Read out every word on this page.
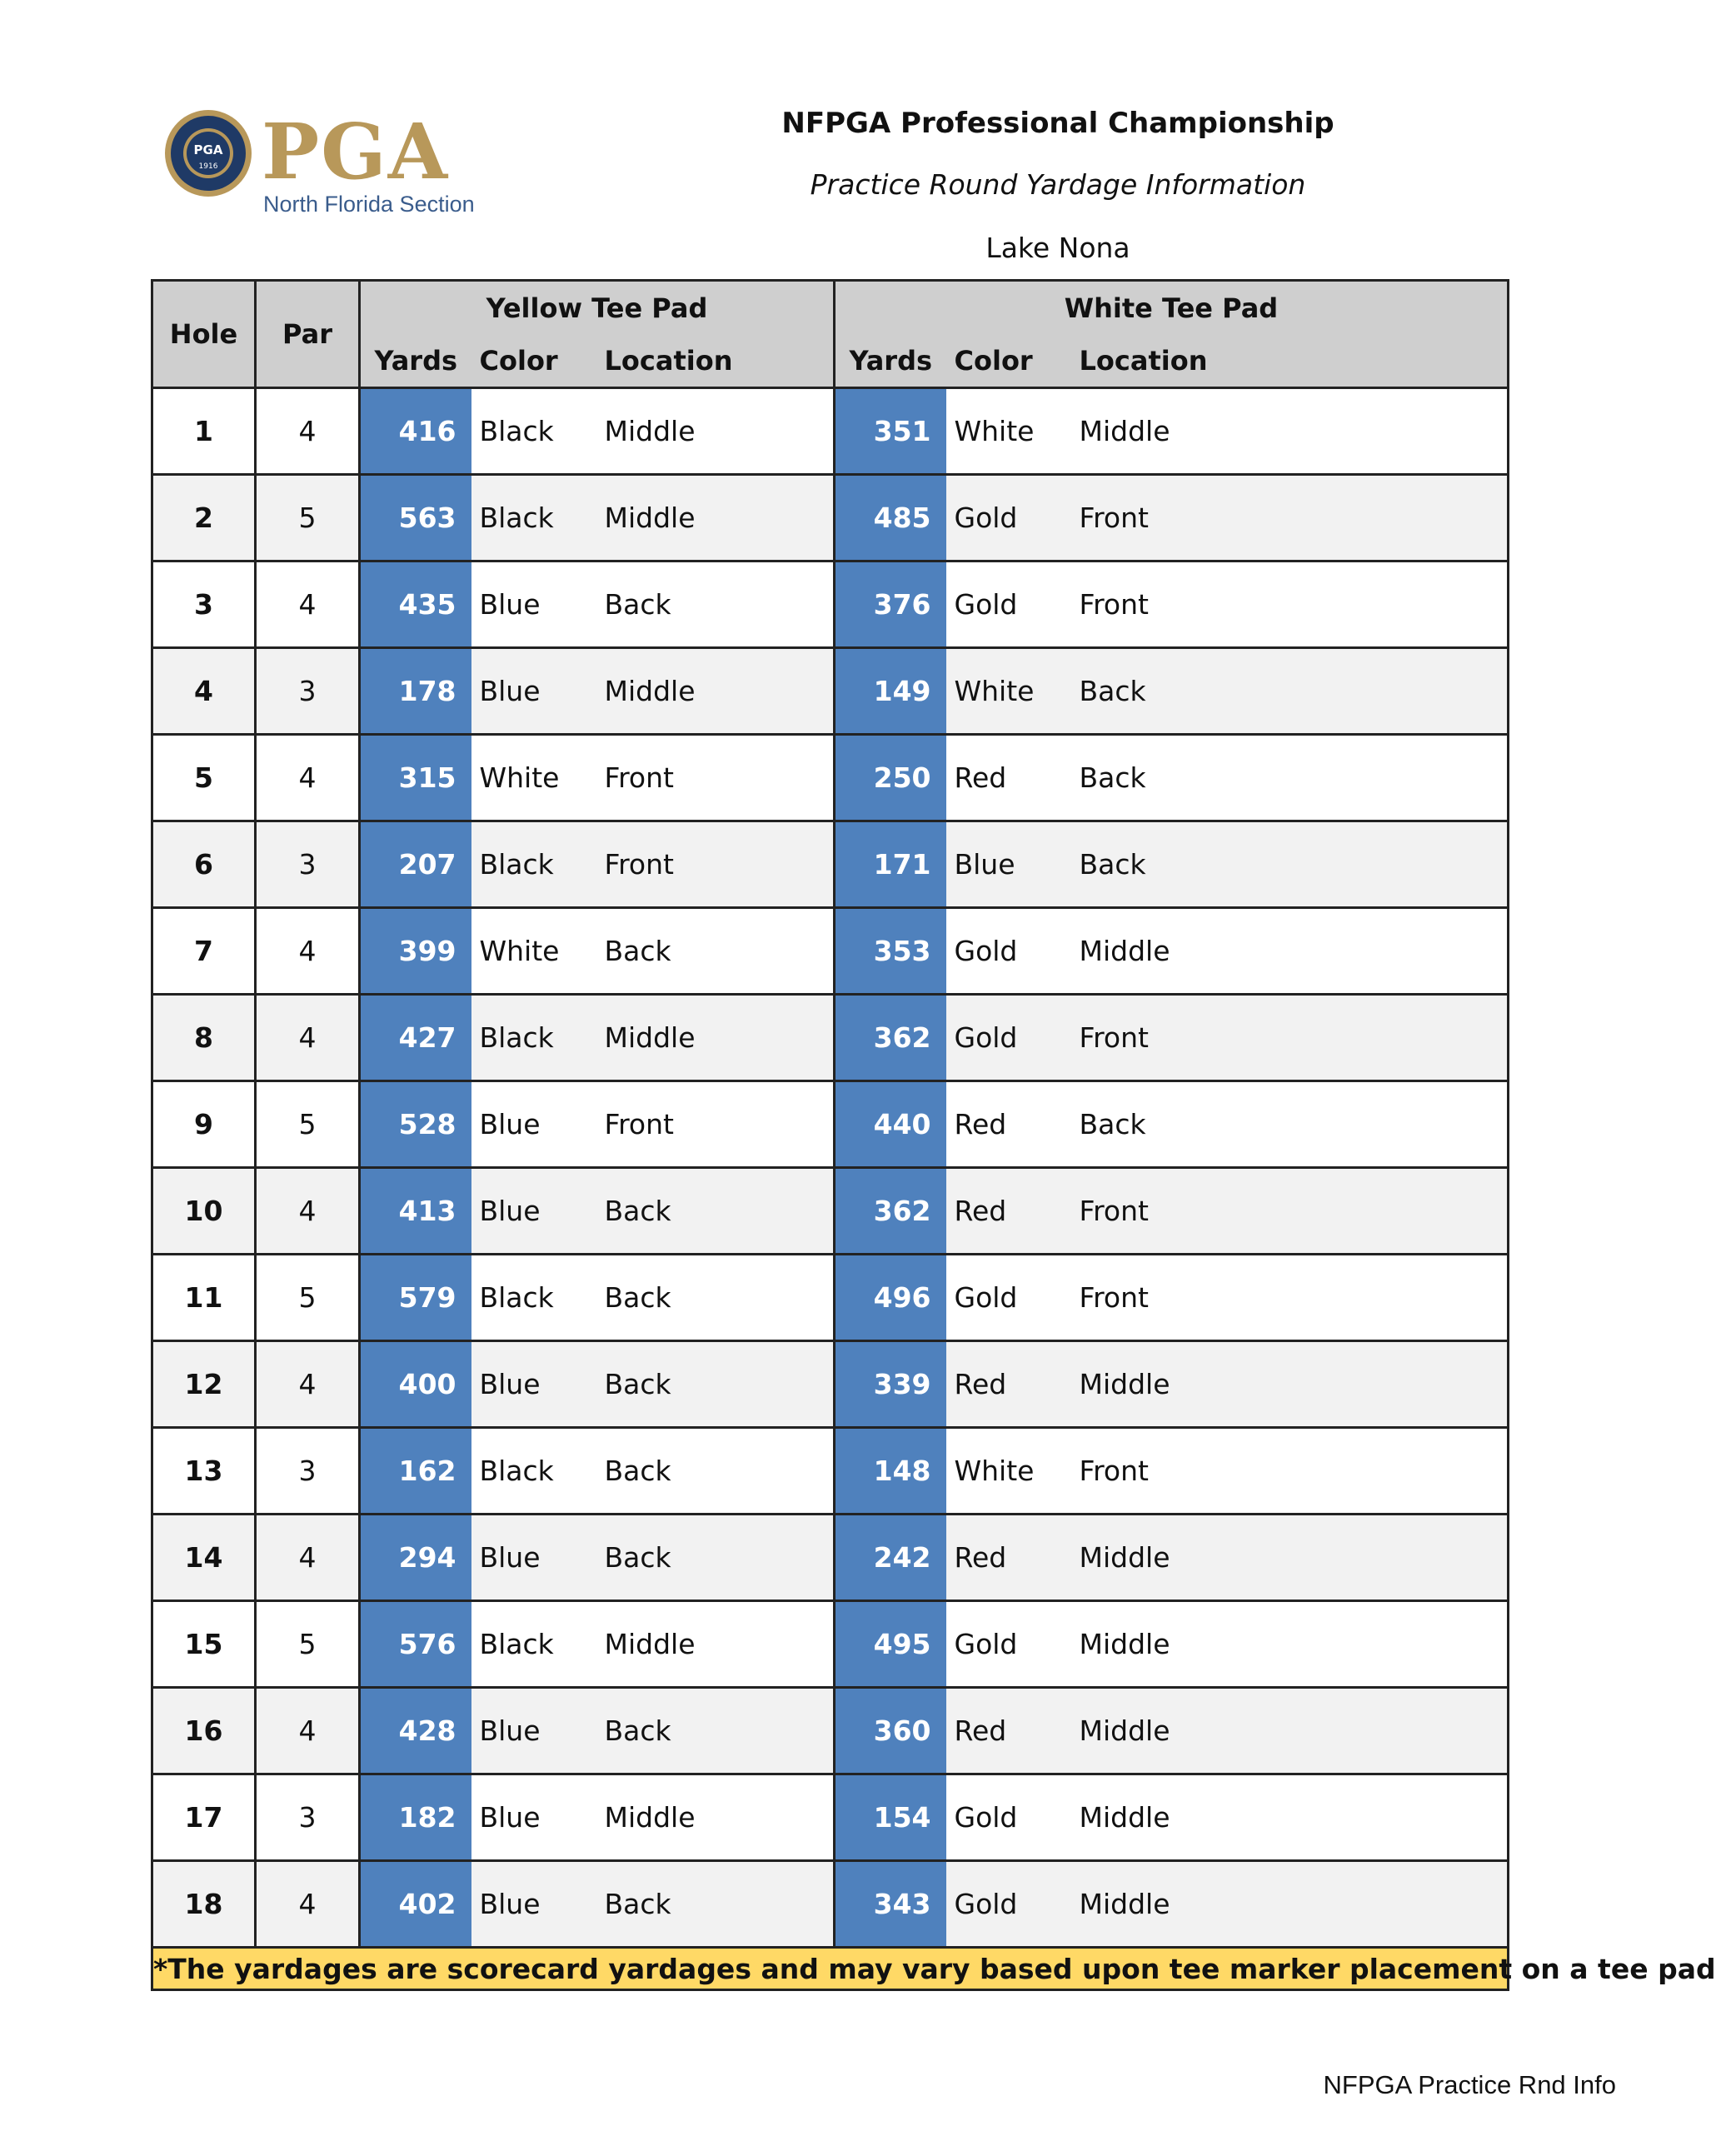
PGA
1916 PGA
North Florida Section
NFPGA Professional Championship
Practice Round Yardage Information
Lake Nona
Hole	Par	Yellow Tee Pad			White Tee Pad		
		Yards	Color	Location	Yards	Color	Location
1	4	416	Black	Middle	351	White	Middle
2	5	563	Black	Middle	485	Gold	Front
3	4	435	Blue	Back	376	Gold	Front
4	3	178	Blue	Middle	149	White	Back
5	4	315	White	Front	250	Red	Back
6	3	207	Black	Front	171	Blue	Back
7	4	399	White	Back	353	Gold	Middle
8	4	427	Black	Middle	362	Gold	Front
9	5	528	Blue	Front	440	Red	Back
10	4	413	Blue	Back	362	Red	Front
11	5	579	Black	Back	496	Gold	Front
12	4	400	Blue	Back	339	Red	Middle
13	3	162	Black	Back	148	White	Front
14	4	294	Blue	Back	242	Red	Middle
15	5	576	Black	Middle	495	Gold	Middle
16	4	428	Blue	Back	360	Red	Middle
17	3	182	Blue	Middle	154	Gold	Middle
18	4	402	Blue	Back	343	Gold	Middle
*The yardages are scorecard yardages and may vary based upon tee marker placement on a tee pad							
NFPGA Practice Rnd Info
